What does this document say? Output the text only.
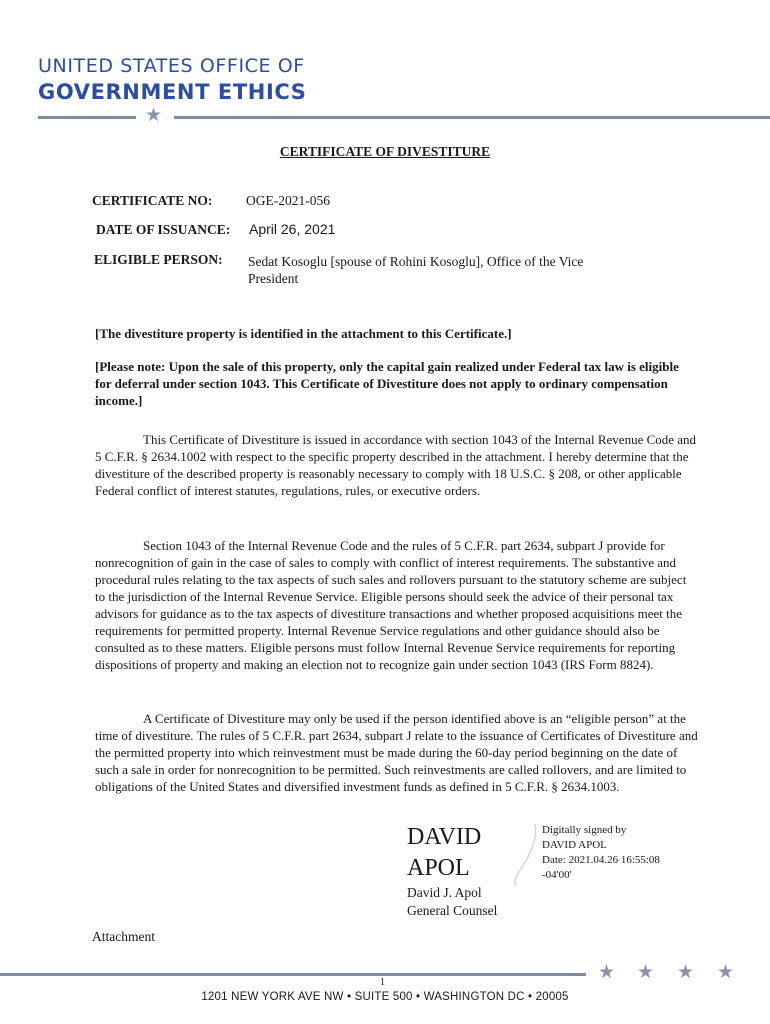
UNITED STATES OFFICE OF
GOVERNMENT ETHICS
★
CERTIFICATE OF DIVESTITURE
CERTIFICATE NO: OGE-2021-056
DATE OF ISSUANCE: April 26, 2021
ELIGIBLE PERSON: Sedat Kosoglu [spouse of Rohini Kosoglu], Office of the Vice
President
[The divestiture property is identified in the attachment to this Certificate.]
[Please note: Upon the sale of this property, only the capital gain realized under Federal tax law is eligible for deferral under section 1043. This Certificate of Divestiture does not apply to ordinary compensation income.]
This Certificate of Divestiture is issued in accordance with section 1043 of the Internal Revenue Code and 5 C.F.R. § 2634.1002 with respect to the specific property described in the attachment. I hereby determine that the divestiture of the described property is reasonably necessary to comply with 18 U.S.C. § 208, or other applicable Federal conflict of interest statutes, regulations, rules, or executive orders.
Section 1043 of the Internal Revenue Code and the rules of 5 C.F.R. part 2634, subpart J provide for nonrecognition of gain in the case of sales to comply with conflict of interest requirements. The substantive and procedural rules relating to the tax aspects of such sales and rollovers pursuant to the statutory scheme are subject to the jurisdiction of the Internal Revenue Service. Eligible persons should seek the advice of their personal tax advisors for guidance as to the tax aspects of divestiture transactions and whether proposed acquisitions meet the requirements for permitted property. Internal Revenue Service regulations and other guidance should also be consulted as to these matters. Eligible persons must follow Internal Revenue Service requirements for reporting dispositions of property and making an election not to recognize gain under section 1043 (IRS Form 8824).
A Certificate of Divestiture may only be used if the person identified above is an “eligible person” at the time of divestiture. The rules of 5 C.F.R. part 2634, subpart J relate to the issuance of Certificates of Divestiture and the permitted property into which reinvestment must be made during the 60-day period beginning on the date of such a sale in order for nonrecognition to be permitted. Such reinvestments are called rollovers, and are limited to obligations of the United States and diversified investment funds as defined in 5 C.F.R. § 2634.1003.
DAVID
APOL
Digitally signed by
DAVID APOL
Date: 2021.04.26 16:55:08
-04'00'
David J. Apol
General Counsel
Attachment
★ ★ ★ ★
1
1201 NEW YORK AVE NW • SUITE 500 • WASHINGTON DC • 20005
